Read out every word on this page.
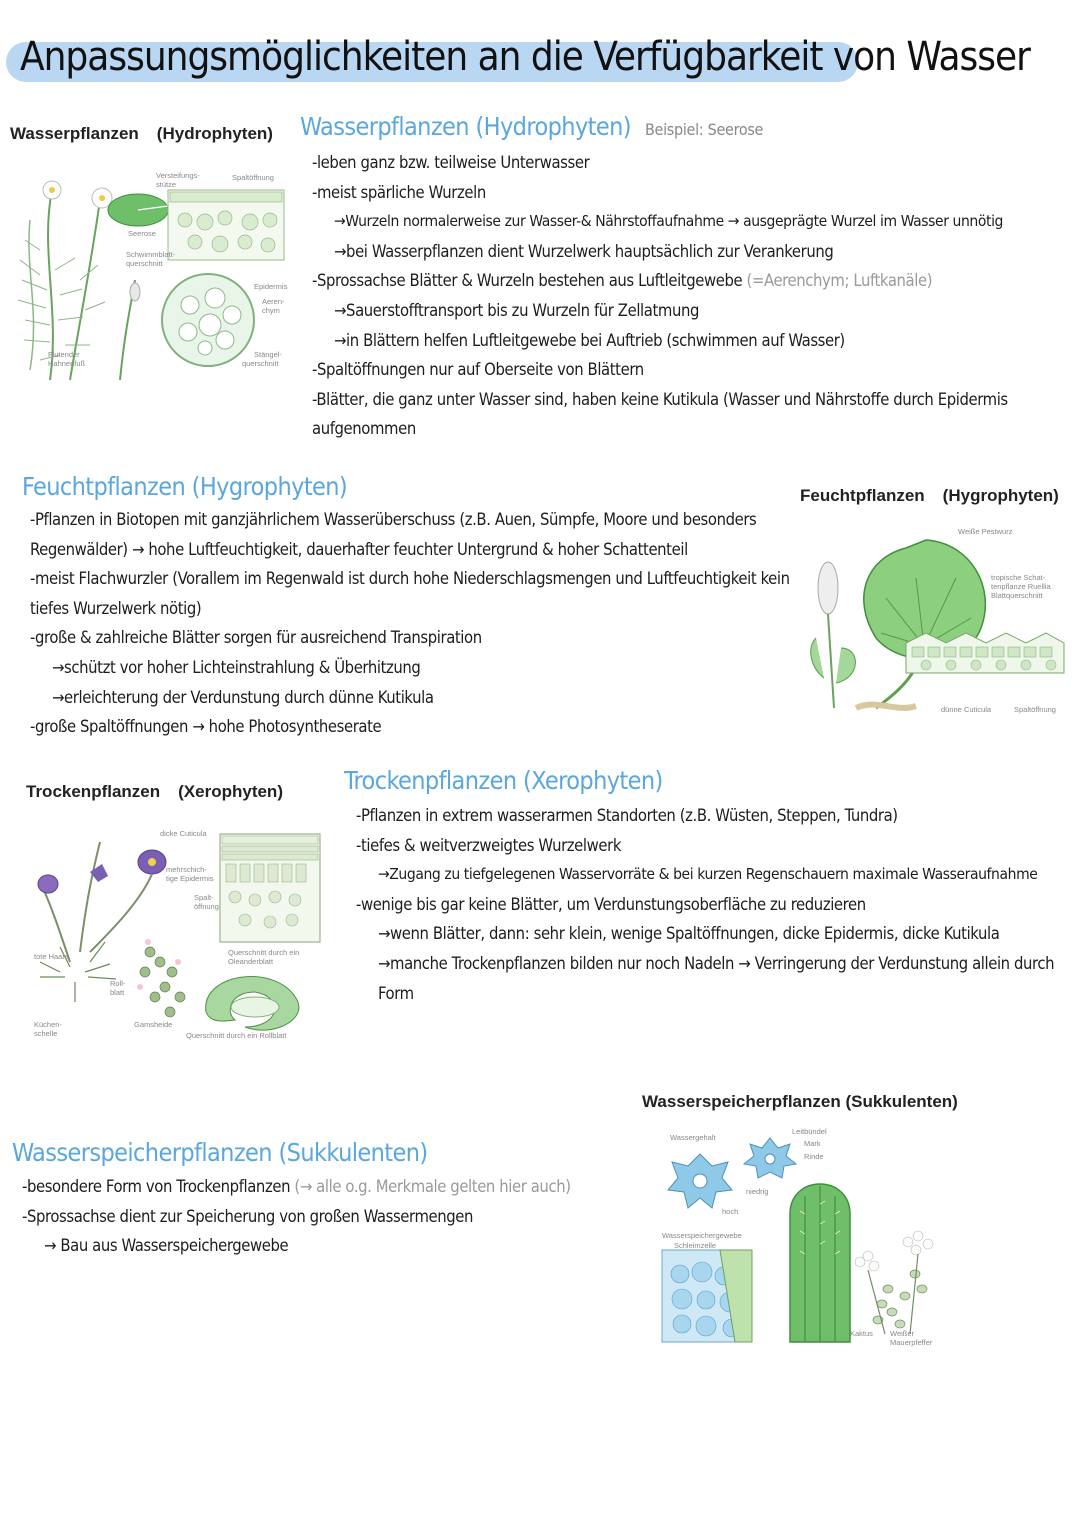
Anpassungsmöglichkeiten an die Verfügbarkeit von Wasser
Wasserpflanzen (Hydrophyten)
Versteifungs-
stütze
Spaltöffnung
Seerose
Schwimmblatt-
querschnitt
Epidermis
Aeren-
chym
Stängel-
querschnitt
Flutender
Hahnenfuß
Wasserpflanzen (Hydrophyten) Beispiel: Seerose
-leben ganz bzw. teilweise Unterwasser
-meist spärliche Wurzeln
→Wurzeln normalerweise zur Wasser-& Nährstoffaufnahme → ausgeprägte Wurzel im Wasser unnötig
→bei Wasserpflanzen dient Wurzelwerk hauptsächlich zur Verankerung
-Sprossachse Blätter & Wurzeln bestehen aus Luftleitgewebe (=Aerenchym; Luftkanäle)
→Sauerstofftransport bis zu Wurzeln für Zellatmung
→in Blättern helfen Luftleitgewebe bei Auftrieb (schwimmen auf Wasser)
-Spaltöffnungen nur auf Oberseite von Blättern
-Blätter, die ganz unter Wasser sind, haben keine Kutikula (Wasser und Nährstoffe durch Epidermis aufgenommen
Feuchtpflanzen (Hygrophyten)
-Pflanzen in Biotopen mit ganzjährlichem Wasserüberschuss (z.B. Auen, Sümpfe, Moore und besonders Regenwälder) → hohe Luftfeuchtigkeit, dauerhafter feuchter Untergrund & hoher Schattenteil
-meist Flachwurzler (Vorallem im Regenwald ist durch hohe Niederschlagsmengen und Luftfeuchtigkeit kein tiefes Wurzelwerk nötig)
-große & zahlreiche Blätter sorgen für ausreichend Transpiration
→schützt vor hoher Lichteinstrahlung & Überhitzung
→erleichterung der Verdunstung durch dünne Kutikula
-große Spaltöffnungen → hohe Photosyntheserate
Feuchtpflanzen (Hygrophyten)
Weiße Pestwurz
tropische Schat-
tenpflanze Ruellia
Blattquerschnitt
dünne Cuticula	Spaltöffnung
Trockenpflanzen (Xerophyten)
dicke Cuticula
mehrschich-
tige Epidermis
Spalt-
öffnung
tote Haare
Roll-
blatt
Querschnitt durch ein
Oleanderblatt
Küchen-
schelle
Gamsheide
Querschnitt durch ein Rollblatt
Trockenpflanzen (Xerophyten)
-Pflanzen in extrem wasserarmen Standorten (z.B. Wüsten, Steppen, Tundra)
-tiefes & weitverzweigtes Wurzelwerk
→Zugang zu tiefgelegenen Wasservorräte & bei kurzen Regenschauern maximale Wasseraufnahme
-wenige bis gar keine Blätter, um Verdunstungsoberfläche zu reduzieren
→wenn Blätter, dann: sehr klein, wenige Spaltöffnungen, dicke Epidermis, dicke Kutikula
→manche Trockenpflanzen bilden nur noch Nadeln → Verringerung der Verdunstung allein durch Form
Wasserspeicherpflanzen (Sukkulenten)
Wassergehalt
Leitbündel
Mark
Rinde
niedrig
hoch
Wasserspeichergewebe
Schleimzelle
Kaktus Weißer
Mauerpfeffer
Wasserspeicherpflanzen (Sukkulenten)
-besondere Form von Trockenpflanzen (→ alle o.g. Merkmale gelten hier auch)
-Sprossachse dient zur Speicherung von großen Wassermengen
→ Bau aus Wasserspeichergewebe
